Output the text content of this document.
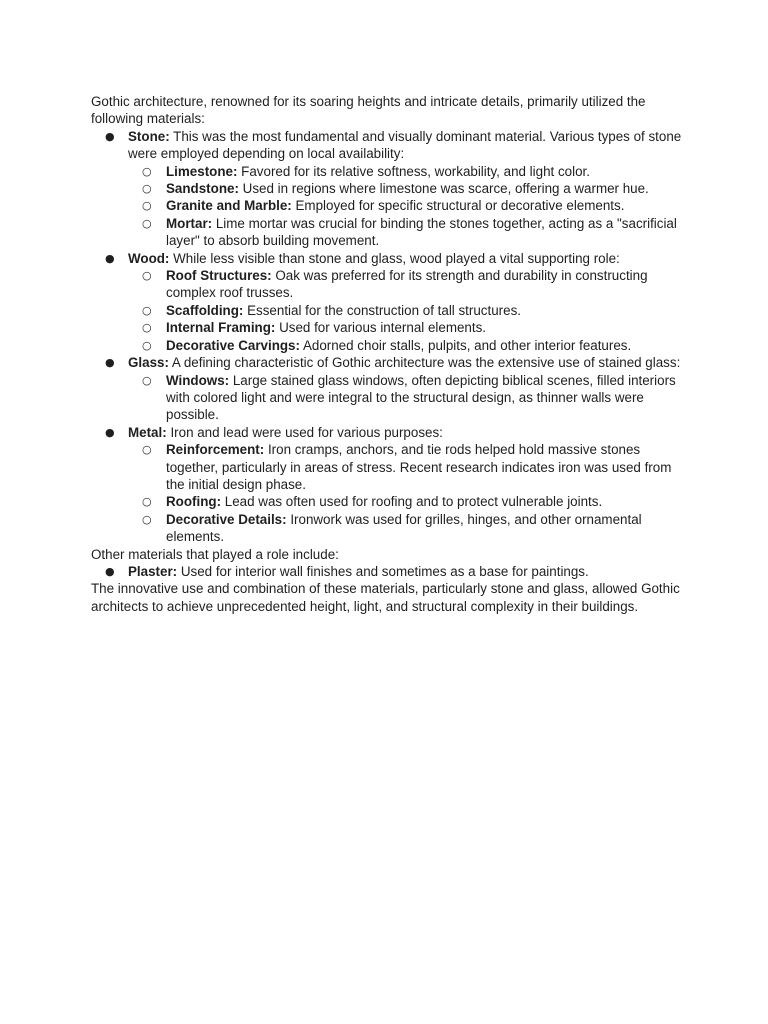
Gothic architecture, renowned for its soaring heights and intricate details, primarily utilized the following materials:

● Stone: This was the most fundamental and visually dominant material. Various types of stone were employed depending on local availability:
○ Limestone: Favored for its relative softness, workability, and light color.
○ Sandstone: Used in regions where limestone was scarce, offering a warmer hue.
○ Granite and Marble: Employed for specific structural or decorative elements.
○ Mortar: Lime mortar was crucial for binding the stones together, acting as a "sacrificial layer" to absorb building movement.
● Wood: While less visible than stone and glass, wood played a vital supporting role:
○ Roof Structures: Oak was preferred for its strength and durability in constructing complex roof trusses.
○ Scaffolding: Essential for the construction of tall structures.
○ Internal Framing: Used for various internal elements.
○ Decorative Carvings: Adorned choir stalls, pulpits, and other interior features.
● Glass: A defining characteristic of Gothic architecture was the extensive use of stained glass:
○ Windows: Large stained glass windows, often depicting biblical scenes, filled interiors with colored light and were integral to the structural design, as thinner walls were possible.
● Metal: Iron and lead were used for various purposes:
○ Reinforcement: Iron cramps, anchors, and tie rods helped hold massive stones together, particularly in areas of stress. Recent research indicates iron was used from the initial design phase.
○ Roofing: Lead was often used for roofing and to protect vulnerable joints.
○ Decorative Details: Ironwork was used for grilles, hinges, and other ornamental elements.

Other materials that played a role include:

● Plaster: Used for interior wall finishes and sometimes as a base for paintings.

The innovative use and combination of these materials, particularly stone and glass, allowed Gothic architects to achieve unprecedented height, light, and structural complexity in their buildings.
